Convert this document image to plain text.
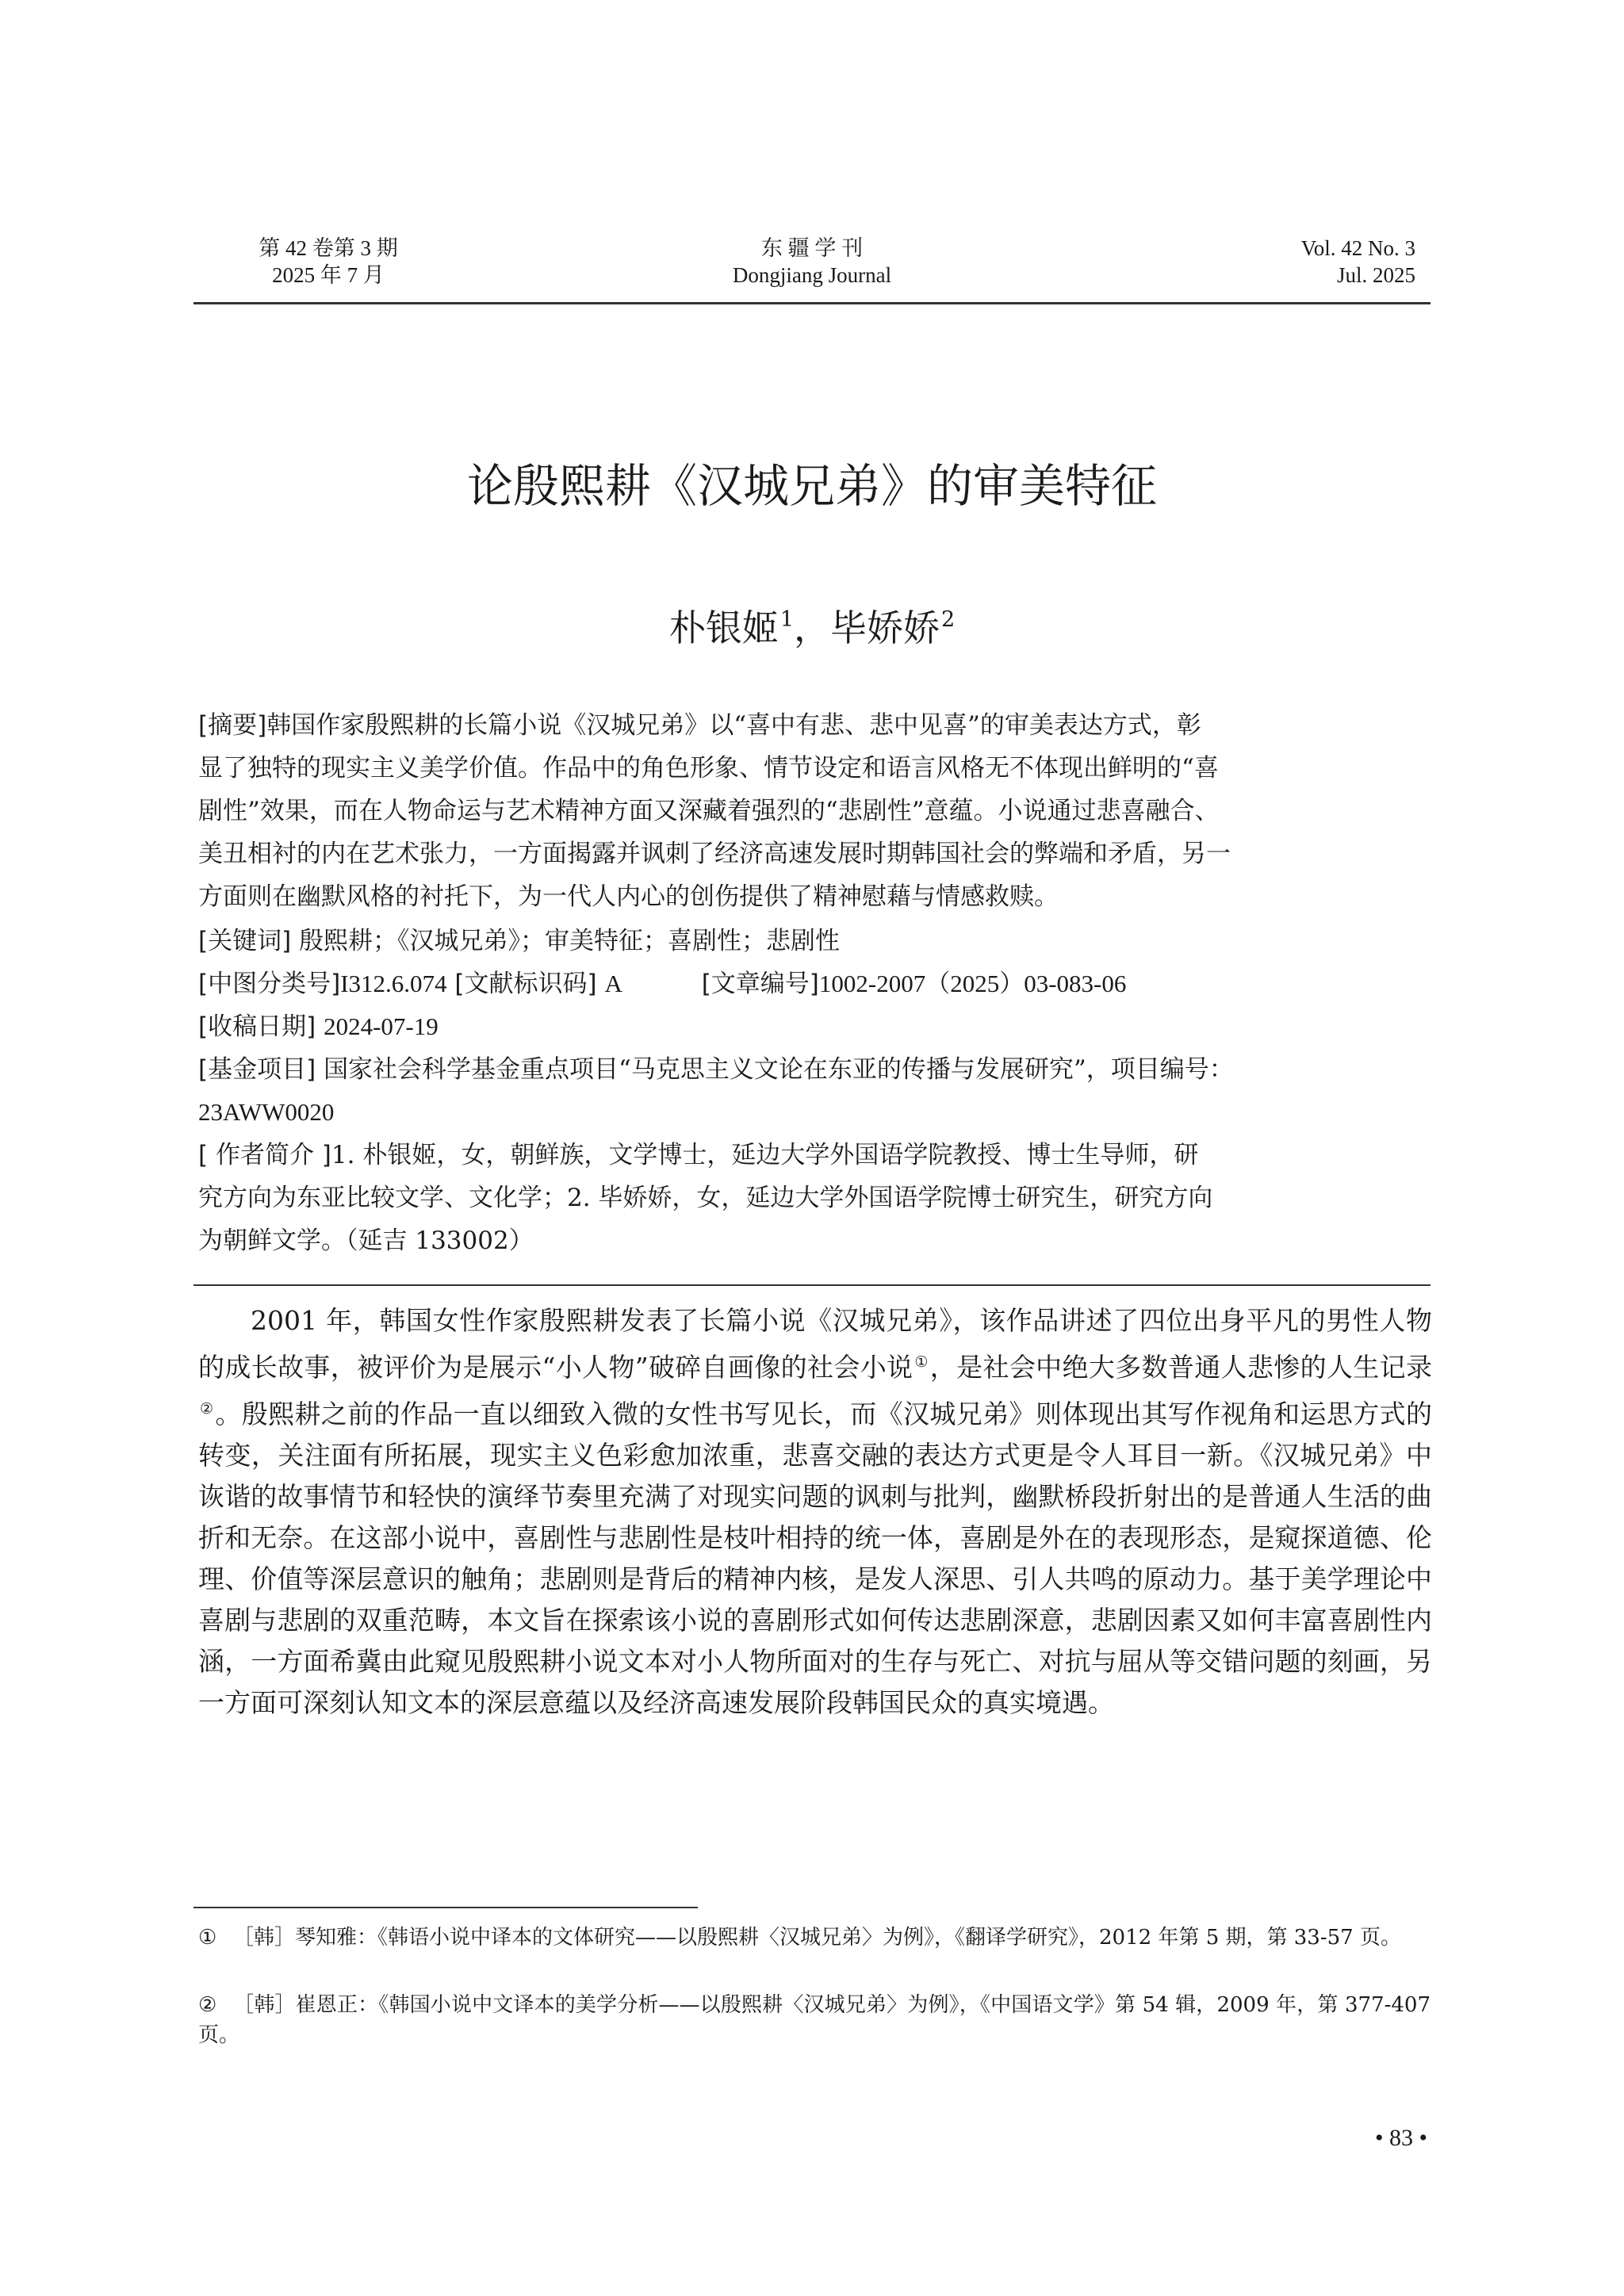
第 42 卷第 3 期
2025 年 7 月
东 疆 学 刊
Dongjiang Journal
Vol. 42 No. 3
Jul. 2025
论殷熙耕《汉城兄弟》的审美特征
朴银姬$^1$，毕娇娇$^2$
[摘要]韩国作家殷熙耕的长篇小说《汉城兄弟》以“喜中有悲、悲中见喜”的审美表达方式，彰
显了独特的现实主义美学价值。作品中的角色形象、情节设定和语言风格无不体现出鲜明的“喜
剧性”效果，而在人物命运与艺术精神方面又深藏着强烈的“悲剧性”意蕴。小说通过悲喜融合、
美丑相衬的内在艺术张力，一方面揭露并讽刺了经济高速发展时期韩国社会的弊端和矛盾，另一
方面则在幽默风格的衬托下，为一代人内心的创伤提供了精神慰藉与情感救赎。
[关键词] 殷熙耕；《汉城兄弟》；审美特征；喜剧性；悲剧性
[中图分类号]I312.6.074 [文献标识码] A	[文章编号]1002-2007（2025）03-083-06
[收稿日期] 2024-07-19
[基金项目] 国家社会科学基金重点项目“马克思主义文论在东亚的传播与发展研究”，项目编号：
23AWW0020
[ 作者简介 ]1. 朴银姬，女，朝鲜族，文学博士，延边大学外国语学院教授、博士生导师，研
究方向为东亚比较文学、文化学；2. 毕娇娇，女，延边大学外国语学院博士研究生，研究方向
为朝鲜文学。（延吉 133002）

2001 年，韩国女性作家殷熙耕发表了长篇小说《汉城兄弟》，该作品讲述了四位出身平凡的男性人物的成长故事，被评价为是展示“小人物”破碎自画像的社会小说 ①，是社会中绝大多数普通人悲惨的人生记录②。殷熙耕之前的作品一直以细致入微的女性书写见长，而《汉城兄弟》则体现出其写作视角和运思方式的转变，关注面有所拓展，现实主义色彩愈加浓重，悲喜交融的表达方式更是令人耳目一新。《汉城兄弟》中诙谐的故事情节和轻快的演绎节奏里充满了对现实问题的讽刺与批判，幽默桥段折射出的是普通人生活的曲折和无奈。在这部小说中，喜剧性与悲剧性是枝叶相持的统一体，喜剧是外在的表现形态，是窥探道德、伦理、价值等深层意识的触角；悲剧则是背后的精神内核，是发人深思、引人共鸣的原动力。基于美学理论中喜剧与悲剧的双重范畴，本文旨在探索该小说的喜剧形式如何传达悲剧深意，悲剧因素又如何丰富喜剧性内涵，一方面希冀由此窥见殷熙耕小说文本对小人物所面对的生存与死亡、对抗与屈从等交错问题的刻画，另一方面可深刻认知文本的深层意蕴以及经济高速发展阶段韩国民众的真实境遇。

① ［韩］琴知雅：《韩语小说中译本的文体研究——以殷熙耕〈汉城兄弟〉为例》，《翻译学研究》，2012 年第 5 期，第 33-57 页。
② ［韩］崔恩正：《韩国小说中文译本的美学分析——以殷熙耕〈汉城兄弟〉为例》，《中国语文学》第 54 辑，2009 年，第 377-407 页。
• 83 •
